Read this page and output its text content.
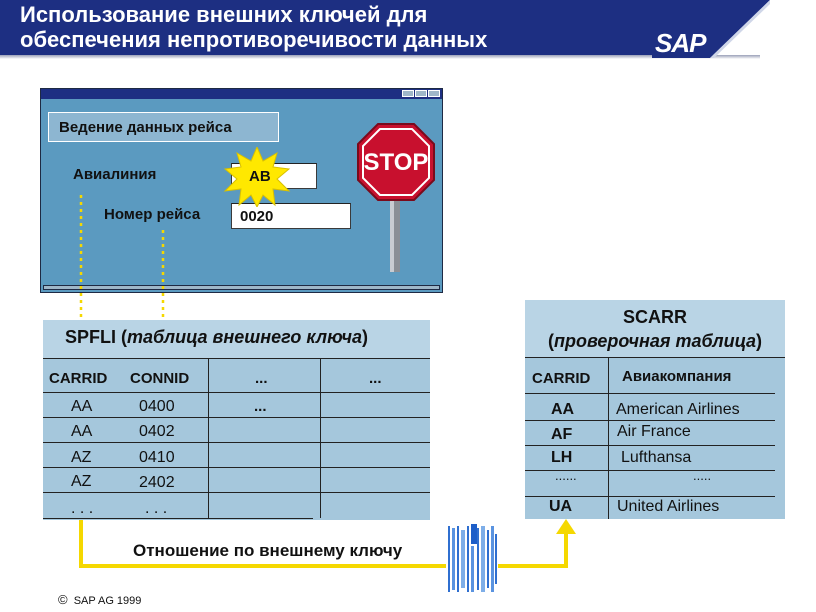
Использование внешних ключей для
обеспечения непротиворечивости данных	SAP
Ведение данных рейса
Авиалиния
Номер рейса	0020
AB
STOP
SPFLI (таблица внешнего ключа)
CARRID CONNID	...	...
AA	0400	...
AA	0402
AZ	0410
AZ	2402
. . .	. . .
SCARR
(проверочная таблица)
CARRID Авиакомпания
AA	American Airlines
AF	Air France
LH	Lufthansa
......	.....
UA	United Airlines
Отношение по внешнему ключу
© SAP AG 1999
